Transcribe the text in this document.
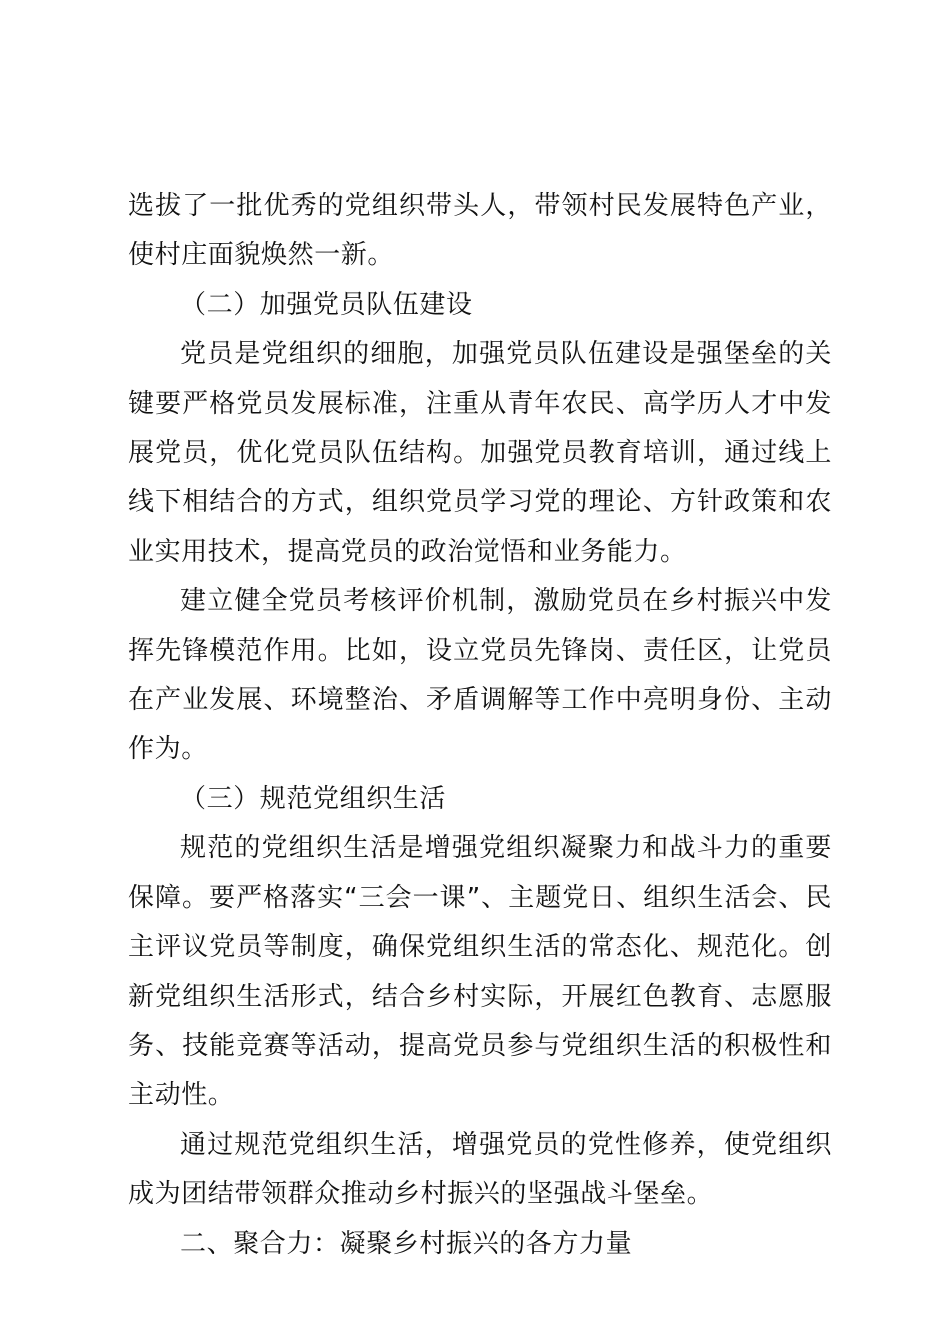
选拔了一批优秀的党组织带头人，带领村民发展特色产业，使村庄面貌焕然一新。

（二）加强党员队伍建设

党员是党组织的细胞，加强党员队伍建设是强堡垒的关键要严格党员发展标准，注重从青年农民、高学历人才中发展党员，优化党员队伍结构。加强党员教育培训，通过线上线下相结合的方式，组织党员学习党的理论、方针政策和农业实用技术，提高党员的政治觉悟和业务能力。

建立健全党员考核评价机制，激励党员在乡村振兴中发挥先锋模范作用。比如，设立党员先锋岗、责任区，让党员在产业发展、环境整治、矛盾调解等工作中亮明身份、主动作为。

（三）规范党组织生活

规范的党组织生活是增强党组织凝聚力和战斗力的重要保障。要严格落实“三会一课”、主题党日、组织生活会、民主评议党员等制度，确保党组织生活的常态化、规范化。创新党组织生活形式，结合乡村实际，开展红色教育、志愿服务、技能竞赛等活动，提高党员参与党组织生活的积极性和主动性。

通过规范党组织生活，增强党员的党性修养，使党组织成为团结带领群众推动乡村振兴的坚强战斗堡垒。

二、聚合力：凝聚乡村振兴的各方力量
